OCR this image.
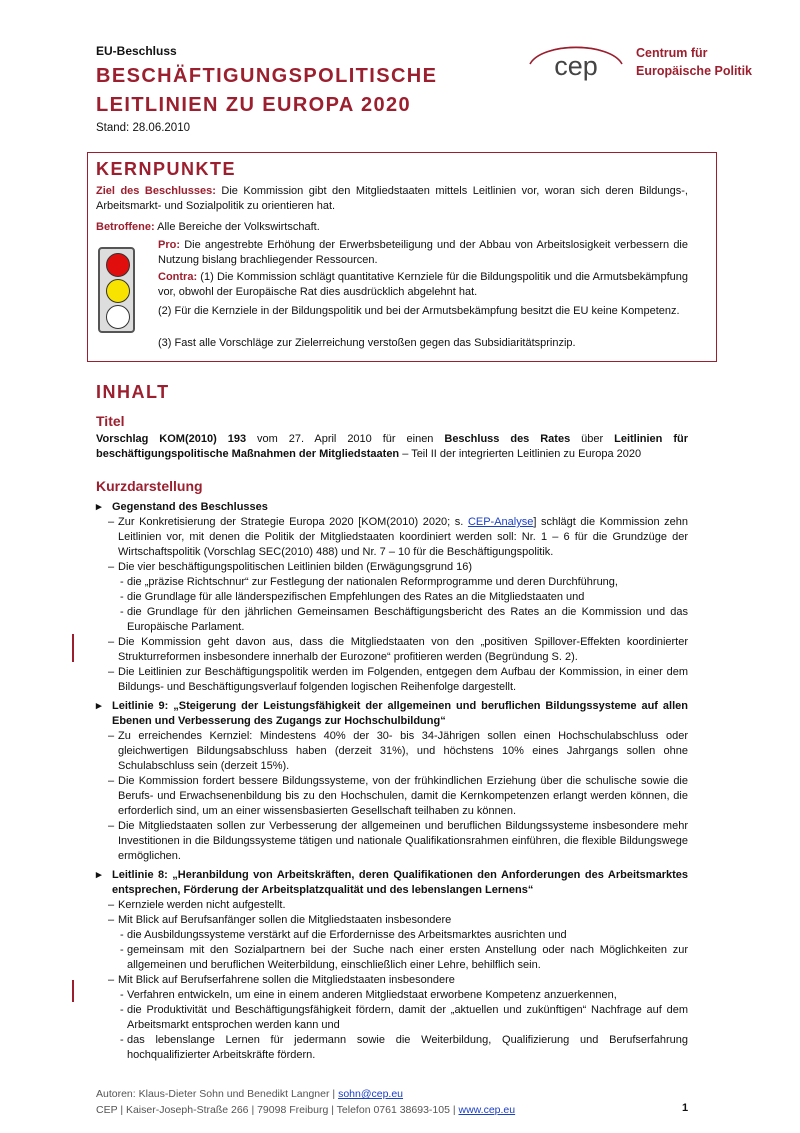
EU-Beschluss
BESCHÄFTIGUNGSPOLITISCHE
LEITLINIEN ZU EUROPA 2020
Stand: 28.06.2010
cep	Centrum für
Europäische Politik
KERNPUNKTE
Ziel des Beschlusses: Die Kommission gibt den Mitgliedstaaten mittels Leitlinien vor, woran sich deren Bildungs-, Arbeitsmarkt- und Sozialpolitik zu orientieren hat.
Betroffene: Alle Bereiche der Volkswirtschaft.
Pro: Die angestrebte Erhöhung der Erwerbsbeteiligung und der Abbau von Arbeitslosigkeit verbessern die Nutzung bislang brachliegender Ressourcen.
Contra: (1) Die Kommission schlägt quantitative Kernziele für die Bildungspolitik und die Armutsbekämpfung vor, obwohl der Europäische Rat dies ausdrücklich abgelehnt hat.
(2) Für die Kernziele in der Bildungspolitik und bei der Armutsbekämpfung besitzt die EU keine Kompetenz.
(3) Fast alle Vorschläge zur Zielerreichung verstoßen gegen das Subsidiaritätsprinzip.
INHALT
Titel
Vorschlag KOM(2010) 193 vom 27. April 2010 für einen Beschluss des Rates über Leitlinien für beschäftigungspolitische Maßnahmen der Mitgliedstaaten – Teil II der integrierten Leitlinien zu Europa 2020
Kurzdarstellung
▸ Gegenstand des Beschlusses
– Zur Konkretisierung der Strategie Europa 2020 [KOM(2010) 2020; s. CEP-Analyse] schlägt die Kommission zehn Leitlinien vor, mit denen die Politik der Mitgliedstaaten koordiniert werden soll: Nr. 1 – 6 für die Grundzüge der Wirtschaftspolitik (Vorschlag SEC(2010) 488) und Nr. 7 – 10 für die Beschäftigungspolitik.
– Die vier beschäftigungspolitischen Leitlinien bilden (Erwägungsgrund 16)
- die „präzise Richtschnur“ zur Festlegung der nationalen Reformprogramme und deren Durchführung,
- die Grundlage für alle länderspezifischen Empfehlungen des Rates an die Mitgliedstaaten und
- die Grundlage für den jährlichen Gemeinsamen Beschäftigungsbericht des Rates an die Kommission und das Europäische Parlament.
– Die Kommission geht davon aus, dass die Mitgliedstaaten von den „positiven Spillover-Effekten koordinierter Strukturreformen insbesondere innerhalb der Eurozone“ profitieren werden (Begründung S. 2).
– Die Leitlinien zur Beschäftigungspolitik werden im Folgenden, entgegen dem Aufbau der Kommission, in einer dem Bildungs- und Beschäftigungsverlauf folgenden logischen Reihenfolge dargestellt.
▸ Leitlinie 9: „Steigerung der Leistungsfähigkeit der allgemeinen und beruflichen Bildungssysteme auf allen Ebenen und Verbesserung des Zugangs zur Hochschulbildung“
– Zu erreichendes Kernziel: Mindestens 40% der 30- bis 34-Jährigen sollen einen Hochschulabschluss oder gleichwertigen Bildungsabschluss haben (derzeit 31%), und höchstens 10% eines Jahrgangs sollen ohne Schulabschluss sein (derzeit 15%).
– Die Kommission fordert bessere Bildungssysteme, von der frühkindlichen Erziehung über die schulische sowie die Berufs- und Erwachsenenbildung bis zu den Hochschulen, damit die Kernkompetenzen erlangt werden können, die erforderlich sind, um an einer wissensbasierten Gesellschaft teilhaben zu können.
– Die Mitgliedstaaten sollen zur Verbesserung der allgemeinen und beruflichen Bildungssysteme insbesondere mehr Investitionen in die Bildungssysteme tätigen und nationale Qualifikationsrahmen einführen, die flexible Bildungswege ermöglichen.
▸ Leitlinie 8: „Heranbildung von Arbeitskräften, deren Qualifikationen den Anforderungen des Arbeitsmarktes entsprechen, Förderung der Arbeitsplatzqualität und des lebenslangen Lernens“
– Kernziele werden nicht aufgestellt.
– Mit Blick auf Berufsanfänger sollen die Mitgliedstaaten insbesondere
- die Ausbildungssysteme verstärkt auf die Erfordernisse des Arbeitsmarktes ausrichten und
- gemeinsam mit den Sozialpartnern bei der Suche nach einer ersten Anstellung oder nach Möglichkeiten zur allgemeinen und beruflichen Weiterbildung, einschließlich einer Lehre, behilflich sein.
– Mit Blick auf Berufserfahrene sollen die Mitgliedstaaten insbesondere
- Verfahren entwickeln, um eine in einem anderen Mitgliedstaat erworbene Kompetenz anzuerkennen,
- die Produktivität und Beschäftigungsfähigkeit fördern, damit der „aktuellen und zukünftigen“ Nachfrage auf dem Arbeitsmarkt entsprochen werden kann und
- das lebenslange Lernen für jedermann sowie die Weiterbildung, Qualifizierung und Berufserfahrung hochqualifizierter Arbeitskräfte fördern.
Autoren: Klaus-Dieter Sohn und Benedikt Langner | sohn@cep.eu
CEP | Kaiser-Joseph-Straße 266 | 79098 Freiburg | Telefon 0761 38693-105 | www.cep.eu	1
